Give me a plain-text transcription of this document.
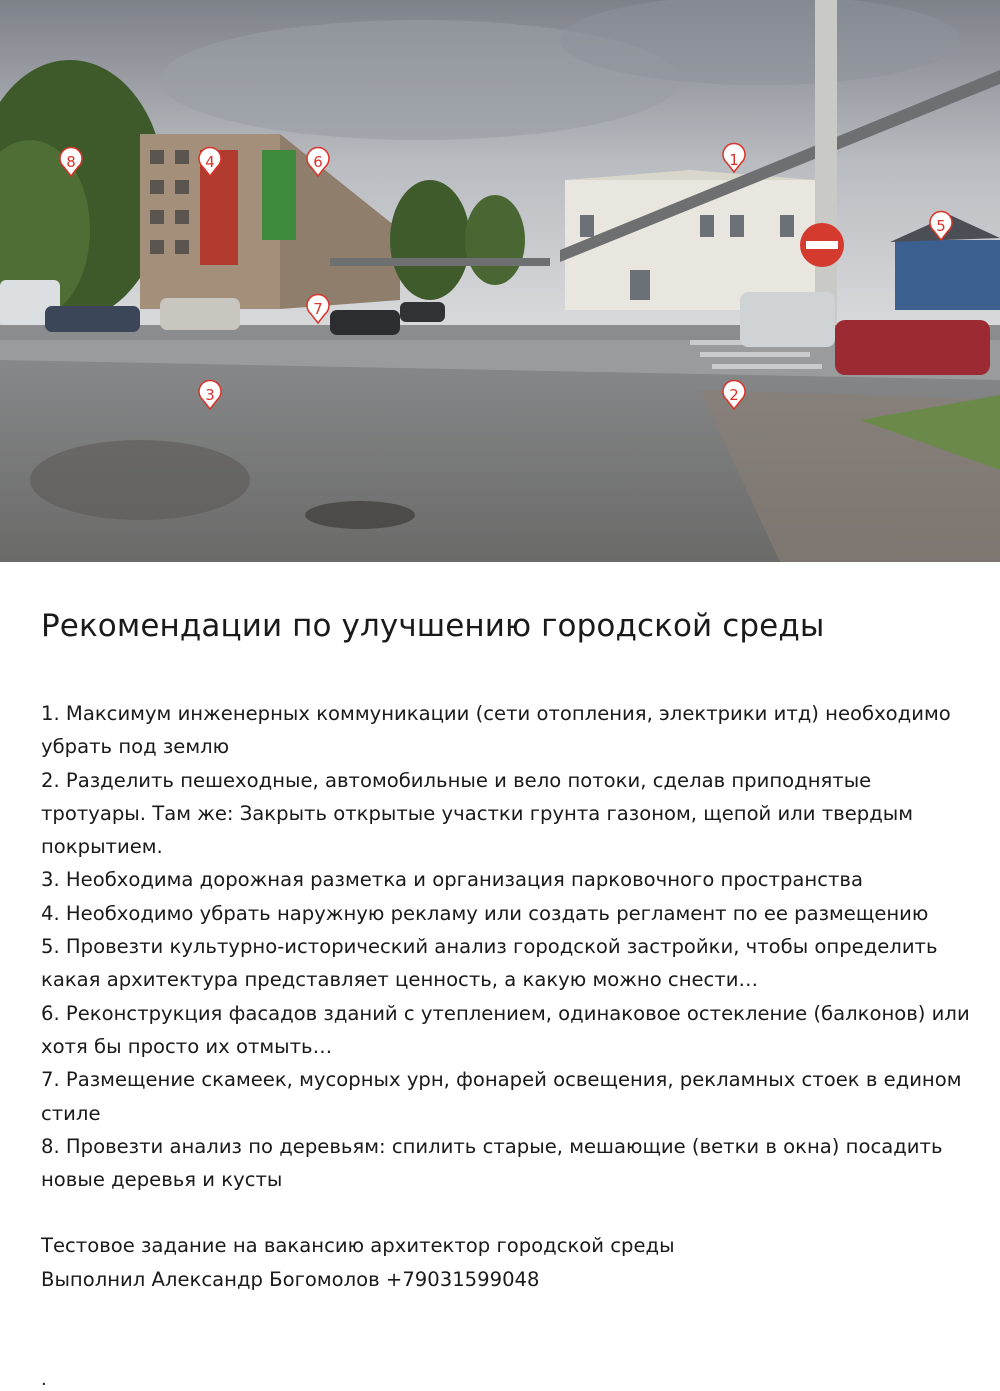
1
2
3
4
5
6
7
8
Рекомендации по улучшению городской среды
1. Максимум инженерных коммуникации (сети отопления, электрики итд) необходимо убрать под землю
2. Разделить пешеходные, автомобильные и вело потоки, сделав приподнятые тротуары. Там же: Закрыть открытые участки грунта газоном, щепой или твердым покрытием.
3. Необходима дорожная разметка и организация парковочного пространства
4. Необходимо убрать наружную рекламу или создать регламент по ее размещению
5. Провезти культурно-исторический анализ городской застройки, чтобы определить какая архитектура представляет ценность, а какую можно снести…
6. Реконструкция фасадов зданий с утеплением, одинаковое остекление (балконов) или хотя бы просто их отмыть…
7. Размещение скамеек, мусорных урн, фонарей освещения, рекламных стоек в едином стиле
8. Провезти анализ по деревьям: спилить старые, мешающие (ветки в окна) посадить новые деревья и кусты
Тестовое задание на вакансию архитектор городской среды
Выполнил Александр Богомолов +79031599048
.
